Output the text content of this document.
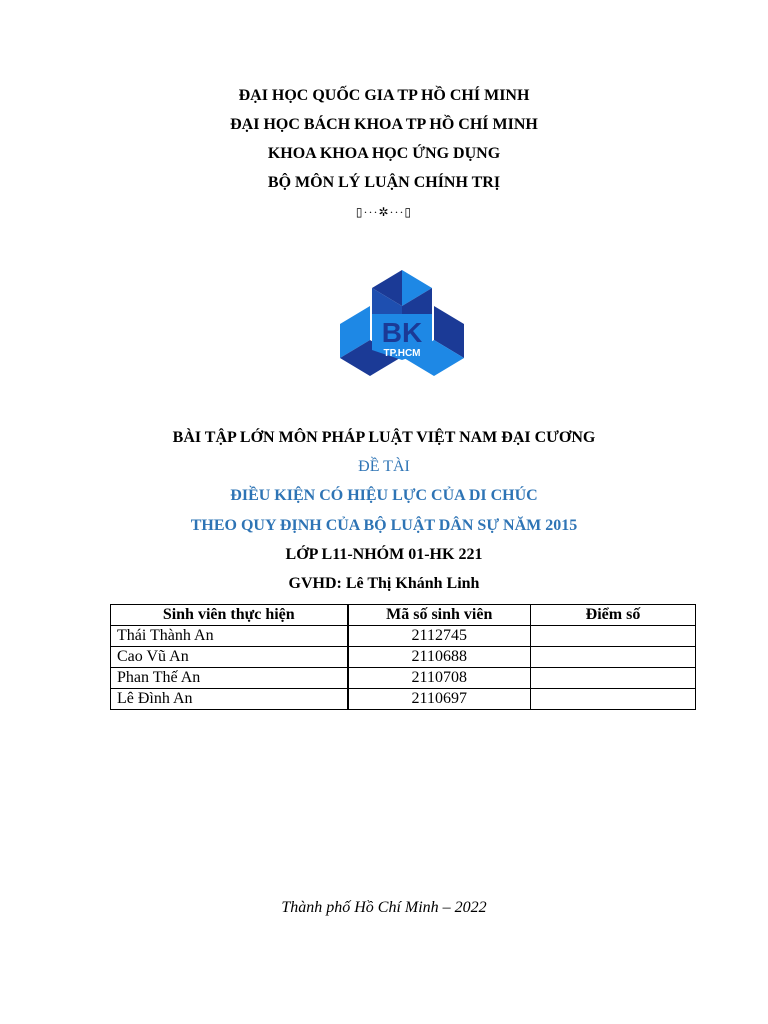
ĐẠI HỌC QUỐC GIA TP HỒ CHÍ MINH
ĐẠI HỌC BÁCH KHOA TP HỒ CHÍ MINH
KHOA KHOA HỌC ỨNG DỤNG
BỘ MÔN LÝ LUẬN CHÍNH TRỊ
▯···✲···▯
BK
TP.HCM
BÀI TẬP LỚN MÔN PHÁP LUẬT VIỆT NAM ĐẠI CƯƠNG
ĐỀ TÀI
ĐIỀU KIỆN CÓ HIỆU LỰC CỦA DI CHÚC
THEO QUY ĐỊNH CỦA BỘ LUẬT DÂN SỰ NĂM 2015
LỚP L11-NHÓM 01-HK 221
GVHD: Lê Thị Khánh Linh
Sinh viên thực hiện	Mã số sinh viên	Điểm số
Thái Thành An	2112745	
Cao Vũ An	2110688	
Phan Thế An	2110708	
Lê Đình An	2110697	
Thành phố Hồ Chí Minh – 2022
